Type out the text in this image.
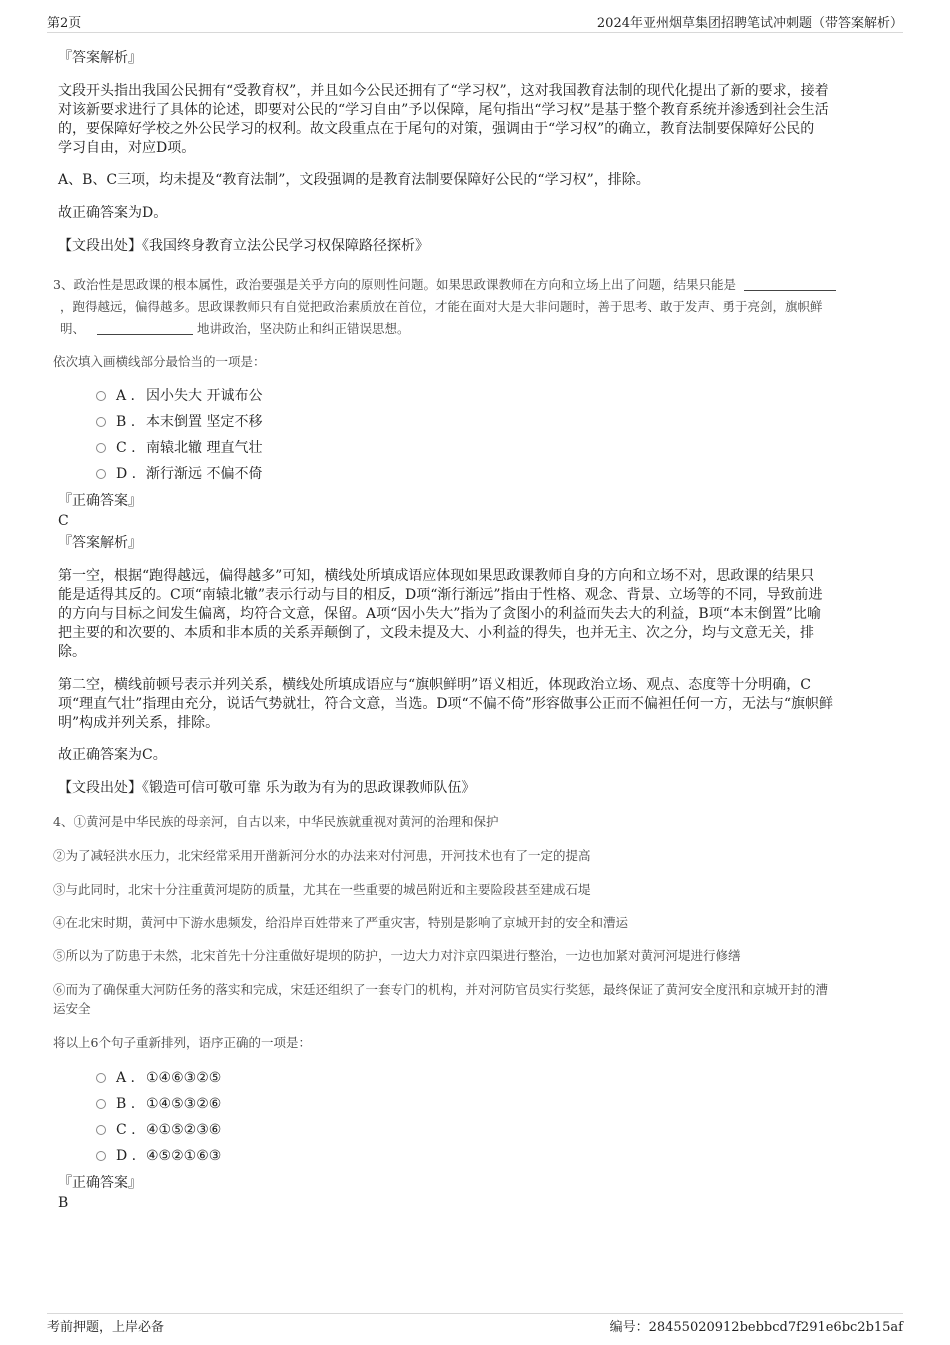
第2页	2024年亚州烟草集团招聘笔试冲刺题（带答案解析）
『答案解析』
文段开头指出我国公民拥有“受教育权”，并且如今公民还拥有了“学习权”，这对我国教育法制的现代化提出了新的要求，接着
对该新要求进行了具体的论述，即要对公民的“学习自由”予以保障，尾句指出“学习权”是基于整个教育系统并渗透到社会生活
的，要保障好学校之外公民学习的权利。故文段重点在于尾句的对策，强调由于“学习权”的确立，教育法制要保障好公民的
学习自由，对应D项。
A、B、C三项，均未提及“教育法制”，文段强调的是教育法制要保障好公民的“学习权”，排除。
故正确答案为D。
【文段出处】《我国终身教育立法公民学习权保障路径探析》
3、政治性是思政课的根本属性，政治要强是关乎方向的原则性问题。如果思政课教师在方向和立场上出了问题，结果只能是
，跑得越远，偏得越多。思政课教师只有自觉把政治素质放在首位，才能在面对大是大非问题时，善于思考、敢于发声、勇于亮剑，旗帜鲜
明、	地讲政治，坚决防止和纠正错误思想。
依次填入画横线部分最恰当的一项是：
A . 因小失大 开诚布公
B . 本末倒置 坚定不移
C . 南辕北辙 理直气壮
D . 渐行渐远 不偏不倚
『正确答案』
C
『答案解析』
第一空，根据“跑得越远，偏得越多”可知，横线处所填成语应体现如果思政课教师自身的方向和立场不对，思政课的结果只
能是适得其反的。C项“南辕北辙”表示行动与目的相反，D项“渐行渐远”指由于性格、观念、背景、立场等的不同，导致前进
的方向与目标之间发生偏离，均符合文意，保留。A项“因小失大”指为了贪图小的利益而失去大的利益，B项“本末倒置”比喻
把主要的和次要的、本质和非本质的关系弄颠倒了，文段未提及大、小利益的得失，也并无主、次之分，均与文意无关，排
除。
第二空，横线前顿号表示并列关系，横线处所填成语应与“旗帜鲜明”语义相近，体现政治立场、观点、态度等十分明确，C
项“理直气壮”指理由充分，说话气势就壮，符合文意，当选。D项“不偏不倚”形容做事公正而不偏袒任何一方，无法与“旗帜鲜
明”构成并列关系，排除。
故正确答案为C。
【文段出处】《锻造可信可敬可靠 乐为敢为有为的思政课教师队伍》
4、①黄河是中华民族的母亲河，自古以来，中华民族就重视对黄河的治理和保护
②为了减轻洪水压力，北宋经常采用开凿新河分水的办法来对付河患，开河技术也有了一定的提高
③与此同时，北宋十分注重黄河堤防的质量，尤其在一些重要的城邑附近和主要险段甚至建成石堤
④在北宋时期，黄河中下游水患频发，给沿岸百姓带来了严重灾害，特别是影响了京城开封的安全和漕运
⑤所以为了防患于未然，北宋首先十分注重做好堤坝的防护，一边大力对汴京四渠进行整治，一边也加紧对黄河河堤进行修缮
⑥而为了确保重大河防任务的落实和完成，宋廷还组织了一套专门的机构，并对河防官员实行奖惩，最终保证了黄河安全度汛和京城开封的漕
运安全
将以上6个句子重新排列，语序正确的一项是：
A . ①④⑥③②⑤
B . ①④⑤③②⑥
C . ④①⑤②③⑥
D . ④⑤②①⑥③
『正确答案』
B
考前押题，上岸必备	编号：28455020912bebbcd7f291e6bc2b15af
